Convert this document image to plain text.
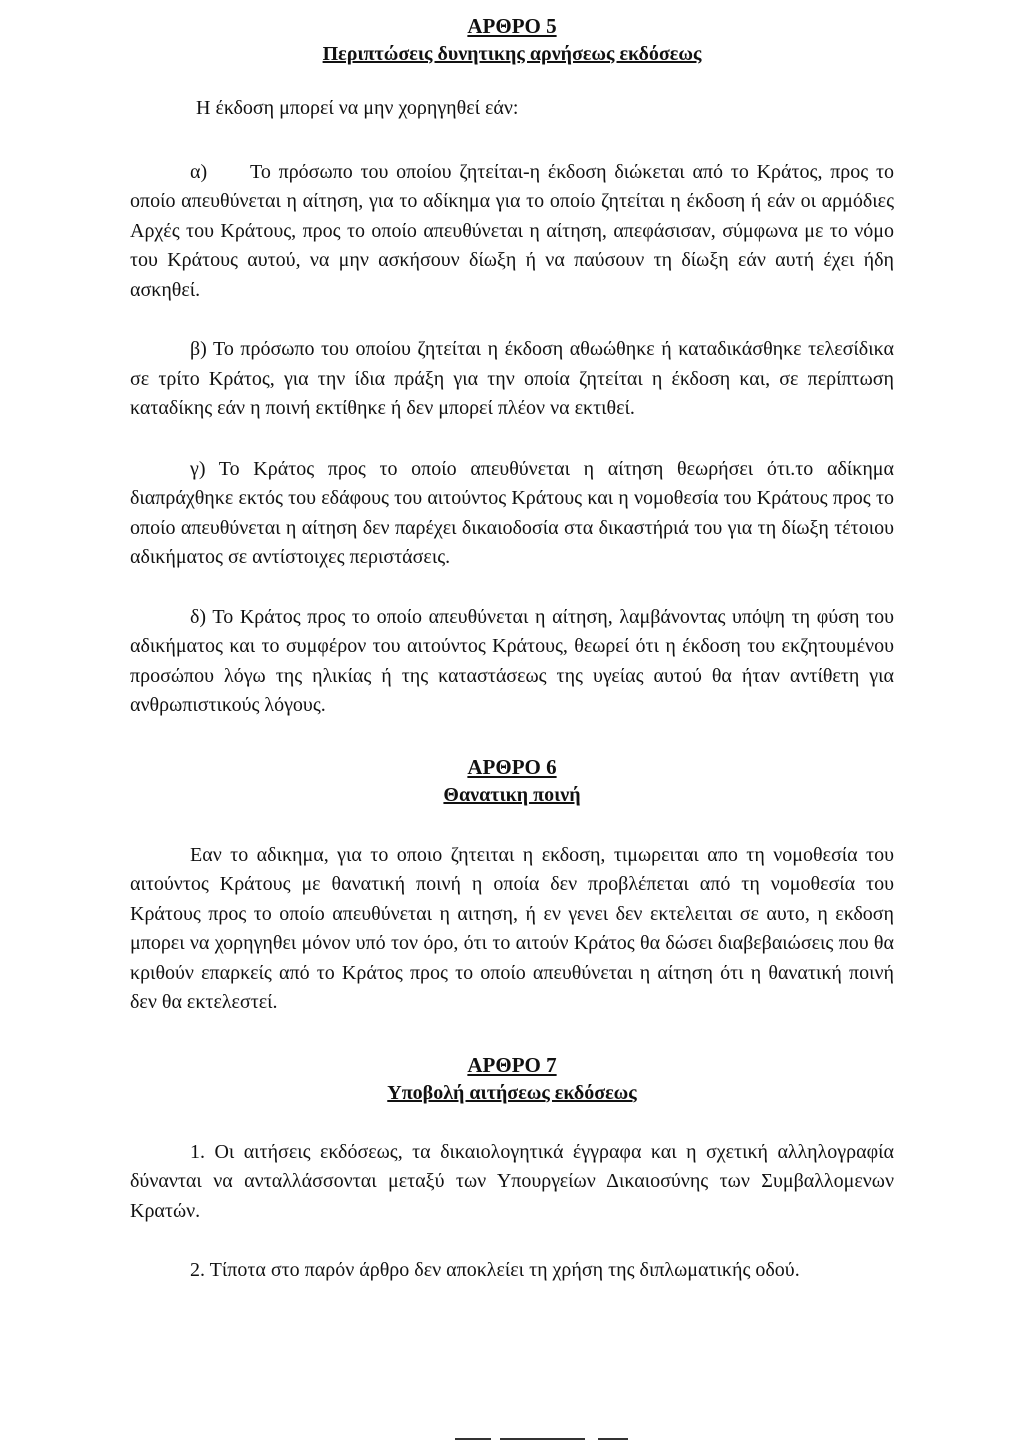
ΑΡΘΡΟ 5
Περιπτώσεις δυνητικης αρνήσεως εκδόσεως

Η έκδοση μπορεί να μην χορηγηθεί εάν:

α) Το πρόσωπο του οποίου ζητείται-η έκδοση διώκεται από το Κράτος, προς το οποίο απευθύνεται η αίτηση, για το αδίκημα για το οποίο ζητείται η έκδοση ή εάν οι αρμόδιες Αρχές του Κράτους, προς το οποίο απευθύνεται η αίτηση, απεφάσισαν, σύμφωνα με το νόμο του Κράτους αυτού, να μην ασκήσουν δίωξη ή να παύσουν τη δίωξη εάν αυτή έχει ήδη ασκηθεί.

β) Το πρόσωπο του οποίου ζητείται η έκδοση αθωώθηκε ή καταδικάσθηκε τελεσίδικα σε τρίτο Κράτος, για την ίδια πράξη για την οποία ζητείται η έκδοση και, σε περίπτωση καταδίκης εάν η ποινή εκτίθηκε ή δεν μπορεί πλέον να εκτιθεί.

γ) Το Κράτος προς το οποίο απευθύνεται η αίτηση θεωρήσει ότι.το αδίκημα διαπράχθηκε εκτός του εδάφους του αιτούντος Κράτους και η νομοθεσία του Κράτους προς το οποίο απευθύνεται η αίτηση δεν παρέχει δικαιοδοσία στα δικαστήριά του για τη δίωξη τέτοιου αδικήματος σε αντίστοιχες περιστάσεις.

δ) Το Κράτος προς το οποίο απευθύνεται η αίτηση, λαμβάνοντας υπόψη τη φύση του αδικήματος και το συμφέρον του αιτούντος Κράτους, θεωρεί ότι η έκδοση του εκζητουμένου προσώπου λόγω της ηλικίας ή της καταστάσεως της υγείας αυτού θα ήταν αντίθετη για ανθρωπιστικούς λόγους.

ΑΡΘΡΟ 6
Θανατικη ποινή

Εαν το αδικημα, για το οποιο ζητειται η εκδοση, τιμωρειται απο τη νομοθεσία του αιτούντος Κράτους με θανατική ποινή η οποία δεν προβλέπεται από τη νομοθεσία του Κράτους προς το οποίο απευθύνεται η αιτηση, ή εν γενει δεν εκτελειται σε αυτο, η εκδοση μπορει να χορηγηθει μόνον υπό τον όρο, ότι το αιτούν Κράτος θα δώσει διαβεβαιώσεις που θα κριθούν επαρκείς από το Κράτος προς το οποίο απευθύνεται η αίτηση ότι η θανατική ποινή δεν θα εκτελεστεί.

ΑΡΘΡΟ 7
Υποβολή αιτήσεως εκδόσεως

1. Οι αιτήσεις εκδόσεως, τα δικαιολογητικά έγγραφα και η σχετική αλληλογραφία δύνανται να ανταλλάσσονται μεταξύ των Υπουργείων Δικαιοσύνης των Συμβαλλομενων Κρατών.

2. Τίποτα στο παρόν άρθρο δεν αποκλείει τη χρήση της διπλωματικής οδού.
